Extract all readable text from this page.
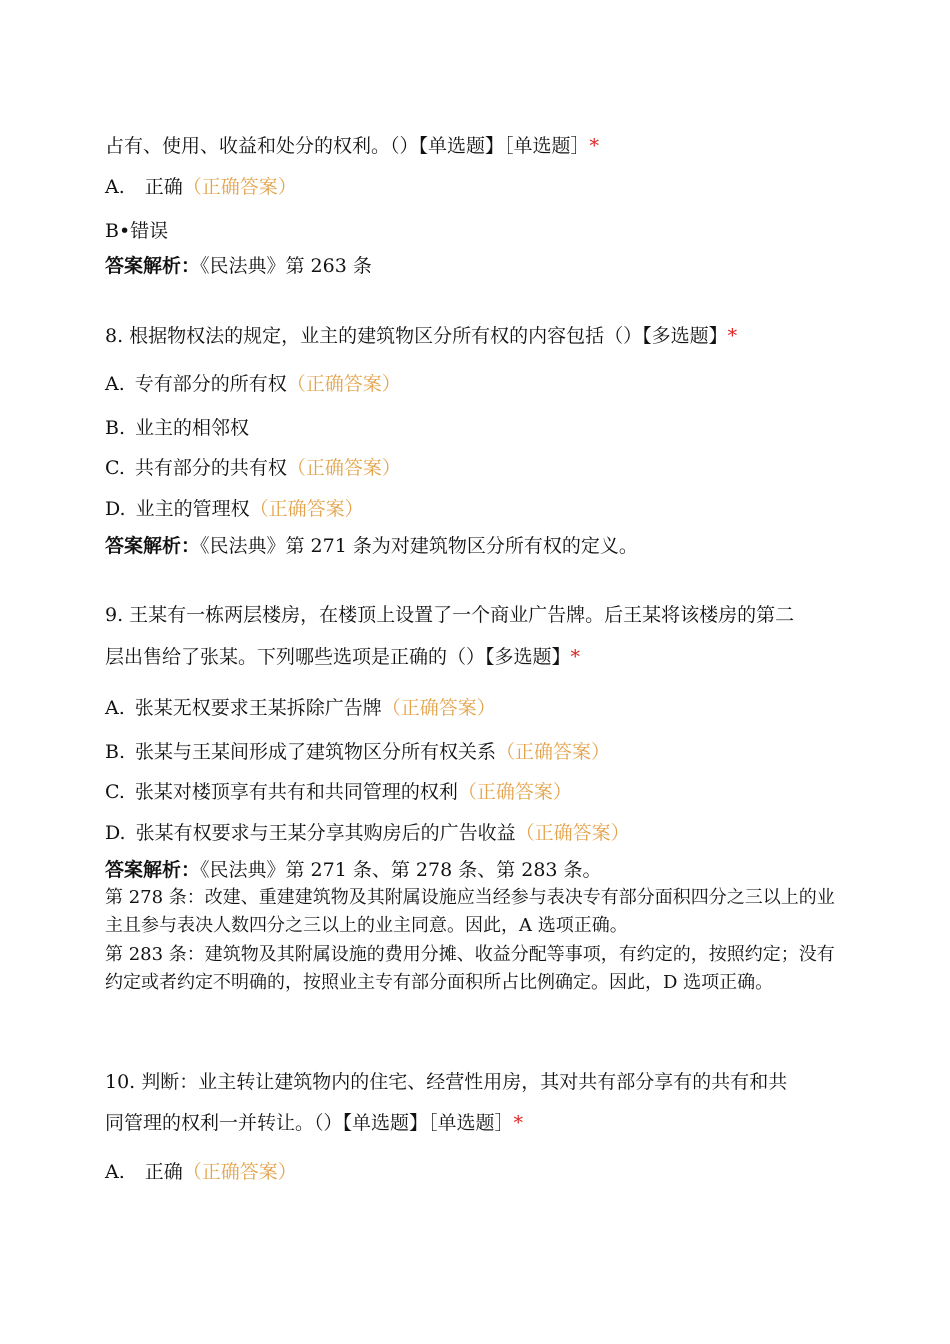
占有、使用、收益和处分的权利。（）【单选题】［单选题］*
A. 正确（正确答案）
B•错误
答案解析：《民法典》第 263 条
8. 根据物权法的规定，业主的建筑物区分所有权的内容包括（）【多选题】*
A. 专有部分的所有权（正确答案）
B. 业主的相邻权
C. 共有部分的共有权（正确答案）
D. 业主的管理权（正确答案）
答案解析：《民法典》第 271 条为对建筑物区分所有权的定义。
9. 王某有一栋两层楼房，在楼顶上设置了一个商业广告牌。后王某将该楼房的第二
层出售给了张某。下列哪些选项是正确的（）【多选题】*
A. 张某无权要求王某拆除广告牌（正确答案）
B. 张某与王某间形成了建筑物区分所有权关系（正确答案）
C. 张某对楼顶享有共有和共同管理的权利（正确答案）
D. 张某有权要求与王某分享其购房后的广告收益（正确答案）
答案解析：《民法典》第 271 条、第 278 条、第 283 条。
第 278 条：改建、重建建筑物及其附属设施应当经参与表决专有部分面积四分之三以上的业主且参与表决人数四分之三以上的业主同意。因此，A 选项正确。
第 283 条：建筑物及其附属设施的费用分摊、收益分配等事项，有约定的，按照约定；没有约定或者约定不明确的，按照业主专有部分面积所占比例确定。因此，D 选项正确。
10. 判断：业主转让建筑物内的住宅、经营性用房，其对共有部分享有的共有和共
同管理的权利一并转让。（）【单选题】［单选题］*
A. 正确（正确答案）
